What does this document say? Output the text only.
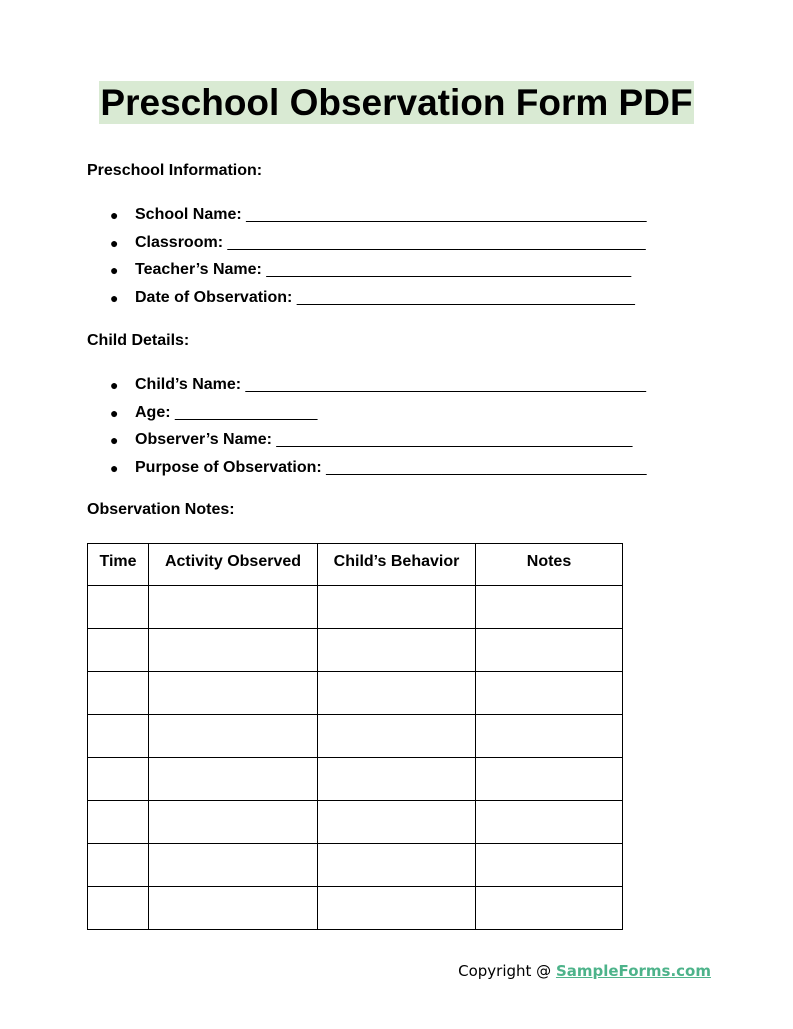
Preschool Observation Form PDF
Preschool Information:
● School Name: _____________________________________________
● Classroom: _______________________________________________
● Teacher’s Name: _________________________________________
● Date of Observation: ______________________________________
Child Details:
● Child’s Name: _____________________________________________
● Age: ________________
● Observer’s Name: ________________________________________
● Purpose of Observation: ____________________________________
Observation Notes:
Time	Activity Observed	Child’s Behavior	Notes

Copyright @ SampleForms.com
